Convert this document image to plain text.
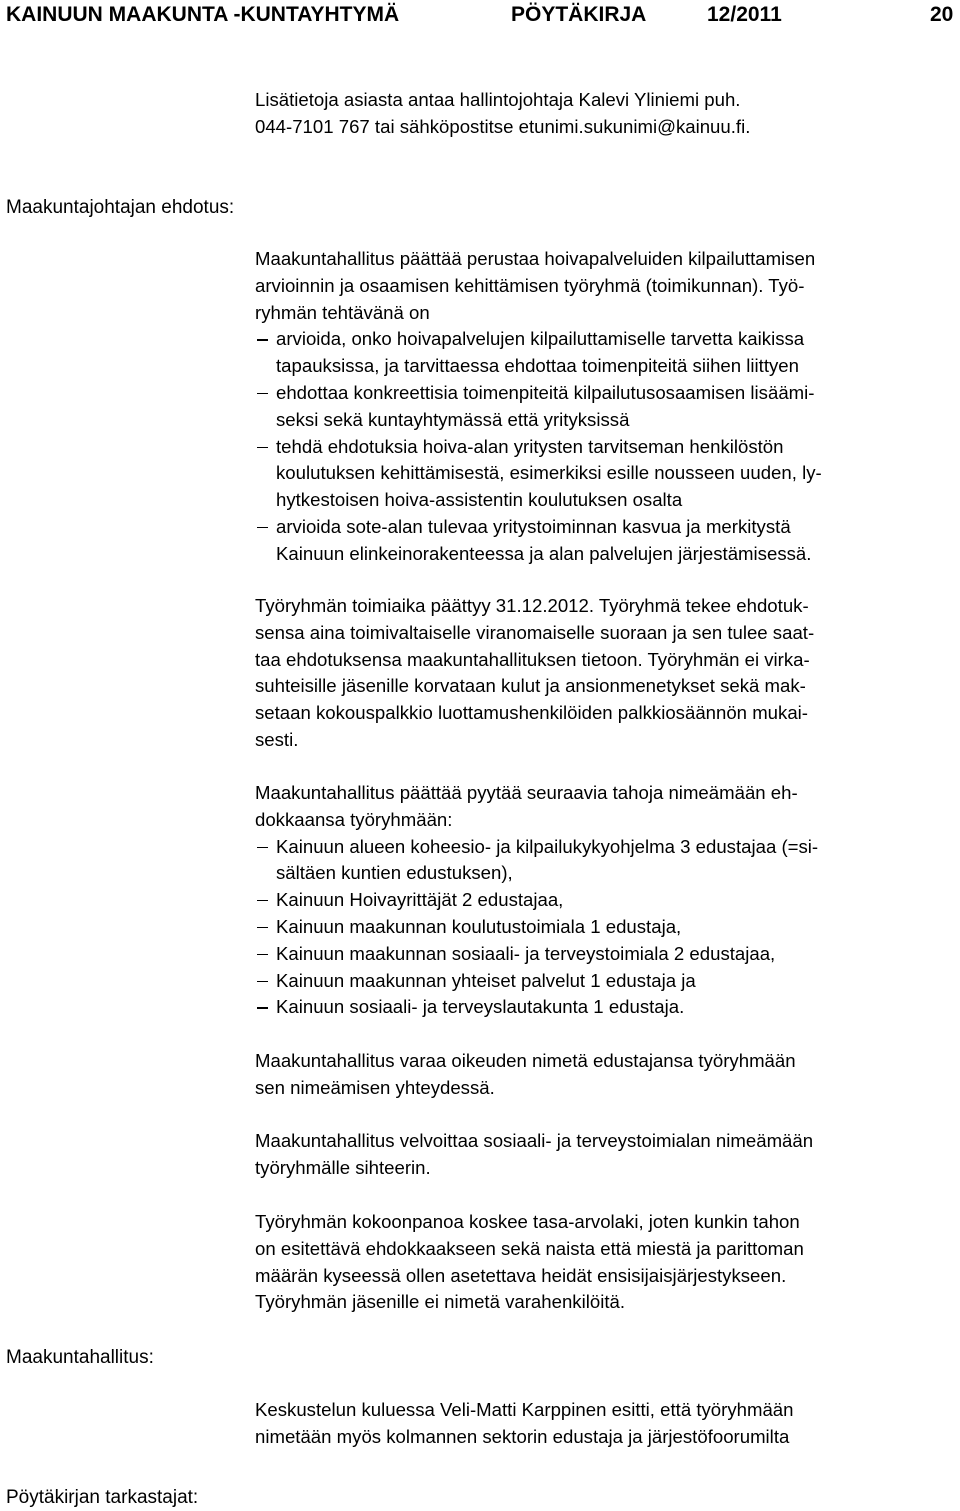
KAINUUN MAAKUNTA -KUNTAYHTYMÄ	PÖYTÄKIRJA	12/2011	20
Maakuntajohtajan ehdotus:
Maakuntahallitus:
Pöytäkirjan tarkastajat:
Lisätietoja asiasta antaa hallintojohtaja Kalevi Yliniemi puh.
044-7101 767 tai sähköpostitse etunimi.sukunimi@kainuu.fi.
Maakuntahallitus päättää perustaa hoivapalveluiden kilpailuttamisen
arvioinnin ja osaamisen kehittämisen työryhmä (toimikunnan). Työ-
ryhmän tehtävänä on
arvioida, onko hoivapalvelujen kilpailuttamiselle tarvetta kaikissa
tapauksissa, ja tarvittaessa ehdottaa toimenpiteitä siihen liittyen
ehdottaa konkreettisia toimenpiteitä kilpailutusosaamisen lisäämi-
seksi sekä kuntayhtymässä että yrityksissä
tehdä ehdotuksia hoiva-alan yritysten tarvitseman henkilöstön
koulutuksen kehittämisestä, esimerkiksi esille nousseen uuden, ly-
hytkestoisen hoiva-assistentin koulutuksen osalta
arvioida sote-alan tulevaa yritystoiminnan kasvua ja merkitystä
Kainuun elinkeinorakenteessa ja alan palvelujen järjestämisessä.
Työryhmän toimiaika päättyy 31.12.2012. Työryhmä tekee ehdotuk-
sensa aina toimivaltaiselle viranomaiselle suoraan ja sen tulee saat-
taa ehdotuksensa maakuntahallituksen tietoon. Työryhmän ei virka-
suhteisille jäsenille korvataan kulut ja ansionmenetykset sekä mak-
setaan kokouspalkkio luottamushenkilöiden palkkiosäännön mukai-
sesti.
Maakuntahallitus päättää pyytää seuraavia tahoja nimeämään eh-
dokkaansa työryhmään:
Kainuun alueen koheesio- ja kilpailukykyohjelma 3 edustajaa (=si-
sältäen kuntien edustuksen),
Kainuun Hoivayrittäjät 2 edustajaa,
Kainuun maakunnan koulutustoimiala 1 edustaja,
Kainuun maakunnan sosiaali- ja terveystoimiala 2 edustajaa,
Kainuun maakunnan yhteiset palvelut 1 edustaja ja
Kainuun sosiaali- ja terveyslautakunta 1 edustaja.
Maakuntahallitus varaa oikeuden nimetä edustajansa työryhmään
sen nimeämisen yhteydessä.
Maakuntahallitus velvoittaa sosiaali- ja terveystoimialan nimeämään
työryhmälle sihteerin.
Työryhmän kokoonpanoa koskee tasa-arvolaki, joten kunkin tahon
on esitettävä ehdokkaakseen sekä naista että miestä ja parittoman
määrän kyseessä ollen asetettava heidät ensisijaisjärjestykseen.
Työryhmän jäsenille ei nimetä varahenkilöitä.
Keskustelun kuluessa Veli-Matti Karppinen esitti, että työryhmään
nimetään myös kolmannen sektorin edustaja ja järjestöfoorumilta
